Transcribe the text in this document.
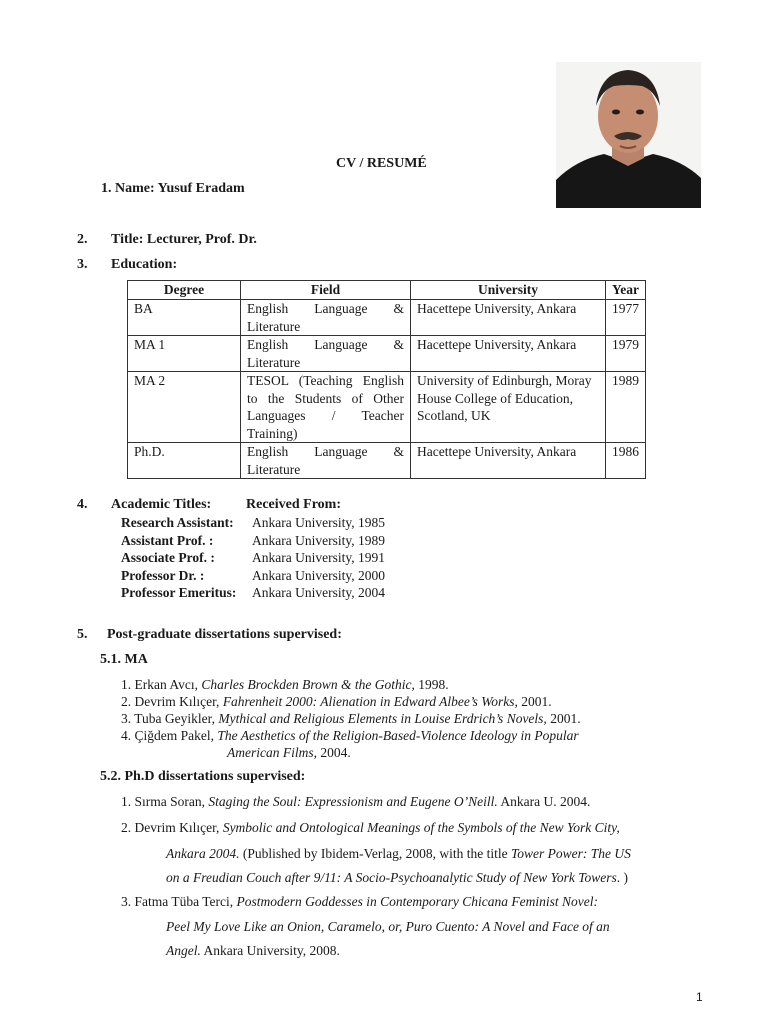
CV / RESUMÉ
1. Name: Yusuf Eradam
2. Title: Lecturer, Prof. Dr.
3. Education:
Degree	Field	University	Year
BA	English Language & Literature	Hacettepe University, Ankara	1977
MA 1	English Language & Literature	Hacettepe University, Ankara	1979
MA 2	TESOL (Teaching English to the Students of Other Languages / Teacher Training)	University of Edinburgh, Moray House College of Education, Scotland, UK	1989
Ph.D.	English Language & Literature	Hacettepe University, Ankara	1986
4. Academic Titles: Received From:
Research Assistant: Ankara University, 1985
Assistant Prof. :	Ankara University, 1989
Associate Prof. :	Ankara University, 1991
Professor Dr. :	Ankara University, 2000
Professor Emeritus: Ankara University, 2004
5. Post-graduate dissertations supervised:
5.1. MA
1. Erkan Avcı, Charles Brockden Brown & the Gothic, 1998.
2. Devrim Kılıçer, Fahrenheit 2000: Alienation in Edward Albee’s Works, 2001.
3. Tuba Geyikler, Mythical and Religious Elements in Louise Erdrich’s Novels, 2001.
4. Çiğdem Pakel, The Aesthetics of the Religion-Based-Violence Ideology in Popular
American Films, 2004.
5.2. Ph.D dissertations supervised:
1. Sırma Soran, Staging the Soul: Expressionism and Eugene O’Neill. Ankara U. 2004.
2. Devrim Kılıçer, Symbolic and Ontological Meanings of the Symbols of the New York City,
Ankara 2004. (Published by Ibidem-Verlag, 2008, with the title Tower Power: The US
on a Freudian Couch after 9/11: A Socio-Psychoanalytic Study of New York Towers. )
3. Fatma Tüba Terci, Postmodern Goddesses in Contemporary Chicana Feminist Novel:
Peel My Love Like an Onion, Caramelo, or, Puro Cuento: A Novel and Face of an
Angel. Ankara University, 2008.
1
